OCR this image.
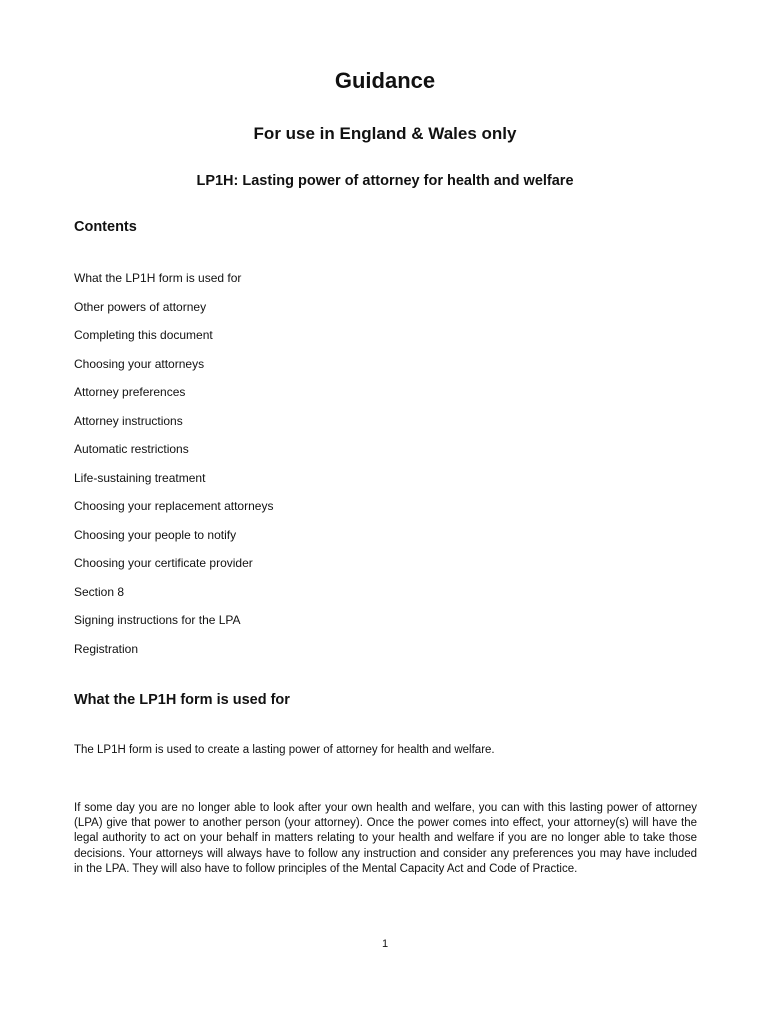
Guidance
For use in England & Wales only
LP1H: Lasting power of attorney for health and welfare
Contents
What the LP1H form is used for
Other powers of attorney
Completing this document
Choosing your attorneys
Attorney preferences
Attorney instructions
Automatic restrictions
Life-sustaining treatment
Choosing your replacement attorneys
Choosing your people to notify
Choosing your certificate provider
Section 8
Signing instructions for the LPA
Registration
What the LP1H form is used for

The LP1H form is used to create a lasting power of attorney for health and welfare.

If some day you are no longer able to look after your own health and welfare, you can with this lasting power of attorney (LPA) give that power to another person (your attorney). Once the power comes into effect, your attorney(s) will have the legal authority to act on your behalf in matters relating to your health and welfare if you are no longer able to take those decisions. Your attorneys will always have to follow any instruction and consider any preferences you may have included in the LPA. They will also have to follow principles of the Mental Capacity Act and Code of Practice.

1
